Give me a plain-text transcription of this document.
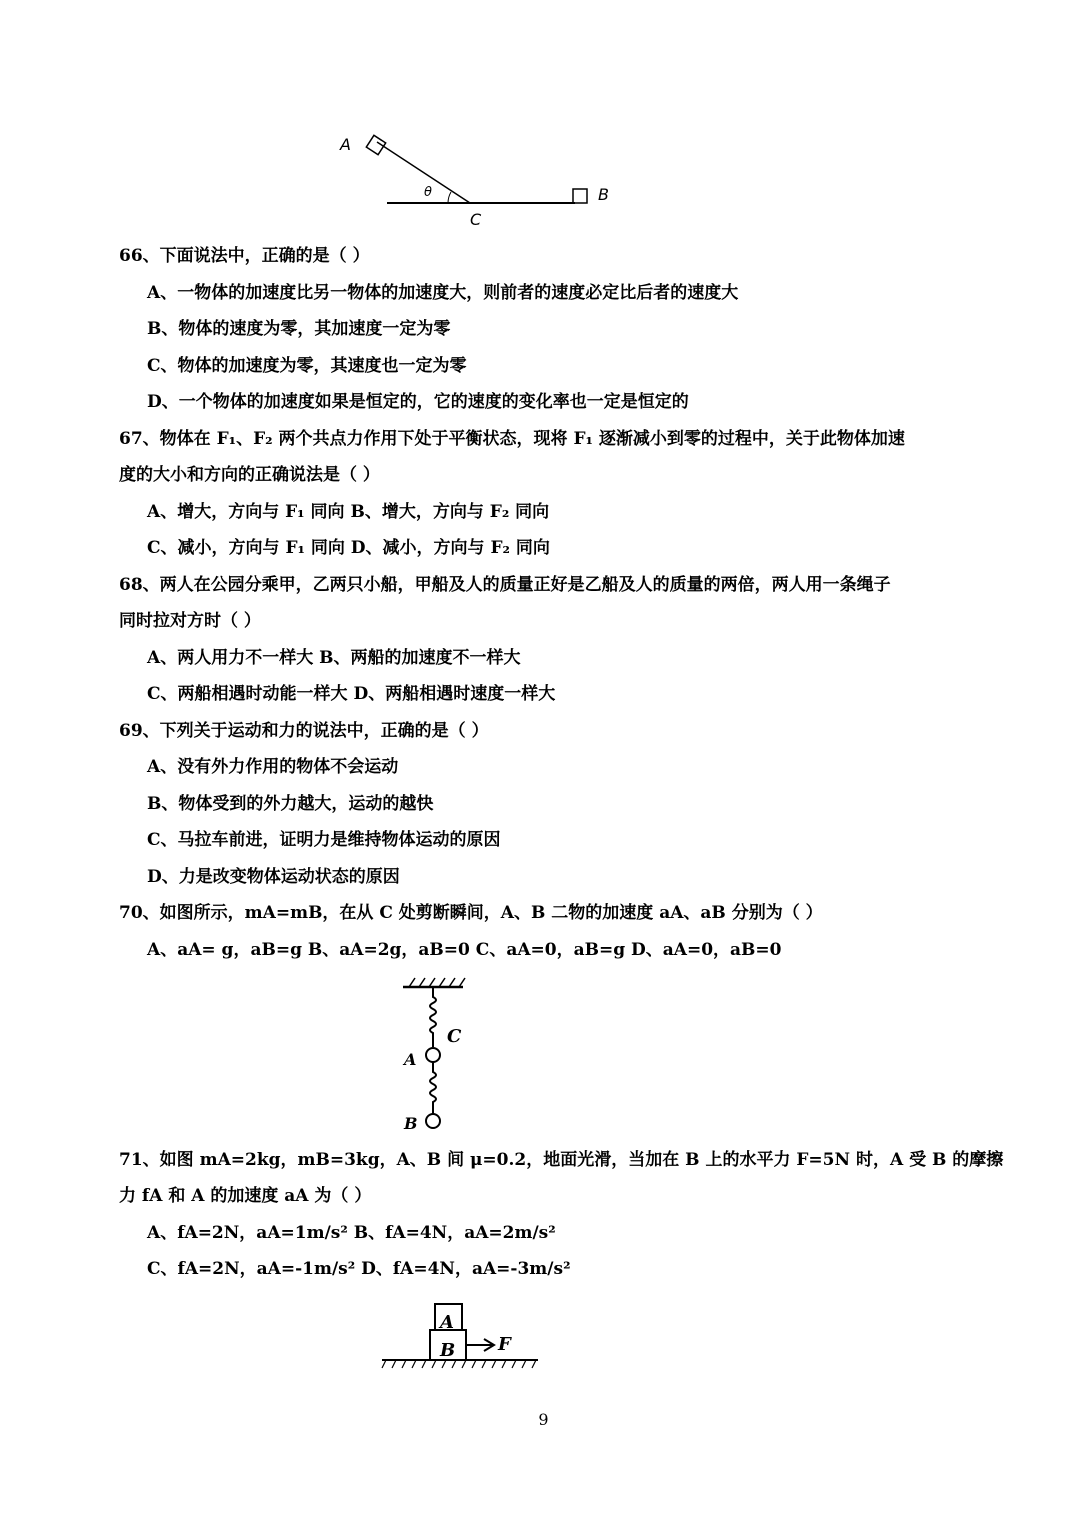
A
B
C
θ
66、下面说法中，正确的是（ ）
A、一物体的加速度比另一物体的加速度大，则前者的速度必定比后者的速度大
B、物体的速度为零，其加速度一定为零
C、物体的加速度为零，其速度也一定为零
D、一个物体的加速度如果是恒定的，它的速度的变化率也一定是恒定的
67、物体在 F₁、F₂ 两个共点力作用下处于平衡状态，现将 F₁ 逐渐减小到零的过程中，关于此物体加速
度的大小和方向的正确说法是（ ）
A、增大，方向与 F₁ 同向 B、增大，方向与 F₂ 同向
C、减小，方向与 F₁ 同向 D、减小，方向与 F₂ 同向
68、两人在公园分乘甲，乙两只小船，甲船及人的质量正好是乙船及人的质量的两倍，两人用一条绳子
同时拉对方时（ ）
A、两人用力不一样大 B、两船的加速度不一样大
C、两船相遇时动能一样大 D、两船相遇时速度一样大
69、下列关于运动和力的说法中，正确的是（ ）
A、没有外力作用的物体不会运动
B、物体受到的外力越大，运动的越快
C、马拉车前进，证明力是维持物体运动的原因
D、力是改变物体运动状态的原因
70、如图所示，mA=mB，在从 C 处剪断瞬间，A、B 二物的加速度 aA、aB 分别为（ ）
A、aA= g，aB=g B、aA=2g，aB=0 C、aA=0，aB=g D、aA=0，aB=0
C
A
B
71、如图 mA=2kg，mB=3kg，A、B 间 μ=0.2，地面光滑，当加在 B 上的水平力 F=5N 时，A 受 B 的摩擦
力 fA 和 A 的加速度 aA 为（ ）
A、fA=2N，aA=1m/s² B、fA=4N，aA=2m/s²
C、fA=2N，aA=-1m/s² D、fA=4N，aA=-3m/s²
A
B F
9
